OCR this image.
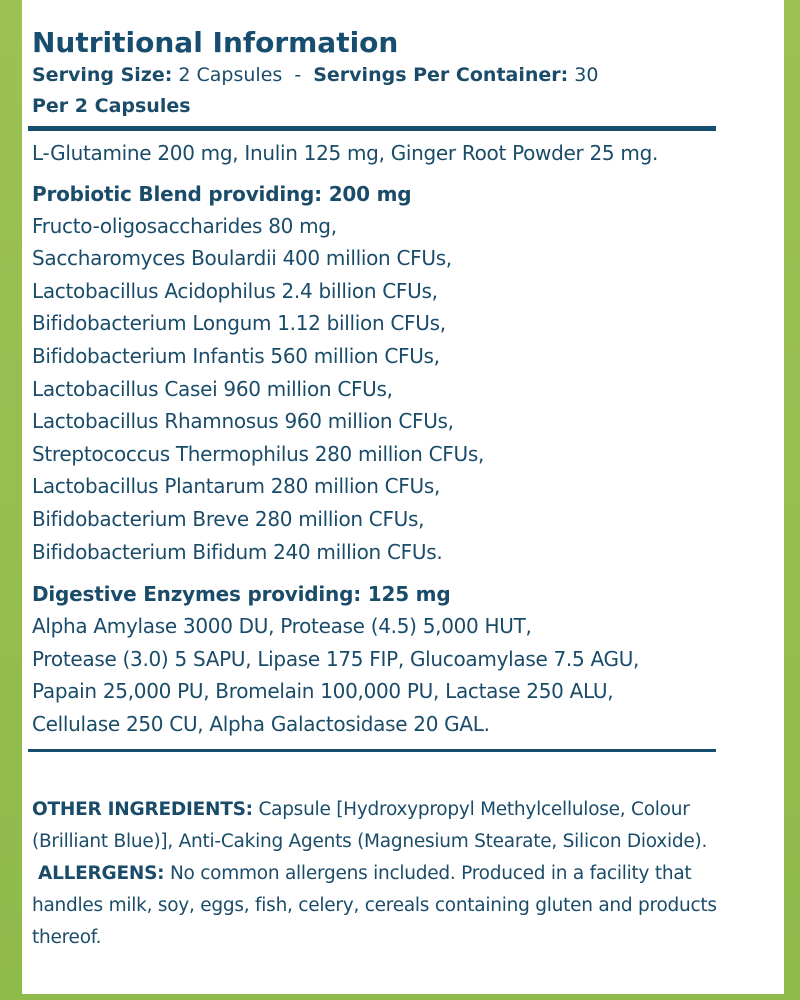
Nutritional Information
Serving Size: 2 Capsules - Servings Per Container: 30
Per 2 Capsules
L-Glutamine 200 mg, Inulin 125 mg, Ginger Root Powder 25 mg.
Probiotic Blend providing: 200 mg
Fructo-oligosaccharides 80 mg,
Saccharomyces Boulardii 400 million CFUs,
Lactobacillus Acidophilus 2.4 billion CFUs,
Bifidobacterium Longum 1.12 billion CFUs,
Bifidobacterium Infantis 560 million CFUs,
Lactobacillus Casei 960 million CFUs,
Lactobacillus Rhamnosus 960 million CFUs,
Streptococcus Thermophilus 280 million CFUs,
Lactobacillus Plantarum 280 million CFUs,
Bifidobacterium Breve 280 million CFUs,
Bifidobacterium Bifidum 240 million CFUs.
Digestive Enzymes providing: 125 mg
Alpha Amylase 3000 DU, Protease (4.5) 5,000 HUT,
Protease (3.0) 5 SAPU, Lipase 175 FIP, Glucoamylase 7.5 AGU,
Papain 25,000 PU, Bromelain 100,000 PU, Lactase 250 ALU,
Cellulase 250 CU, Alpha Galactosidase 20 GAL.
OTHER INGREDIENTS: Capsule [Hydroxypropyl Methylcellulose, Colour (Brilliant Blue)], Anti-Caking Agents (Magnesium Stearate, Silicon Dioxide). ALLERGENS: No common allergens included. Produced in a facility that handles milk, soy, eggs, fish, celery, cereals containing gluten and products thereof.
